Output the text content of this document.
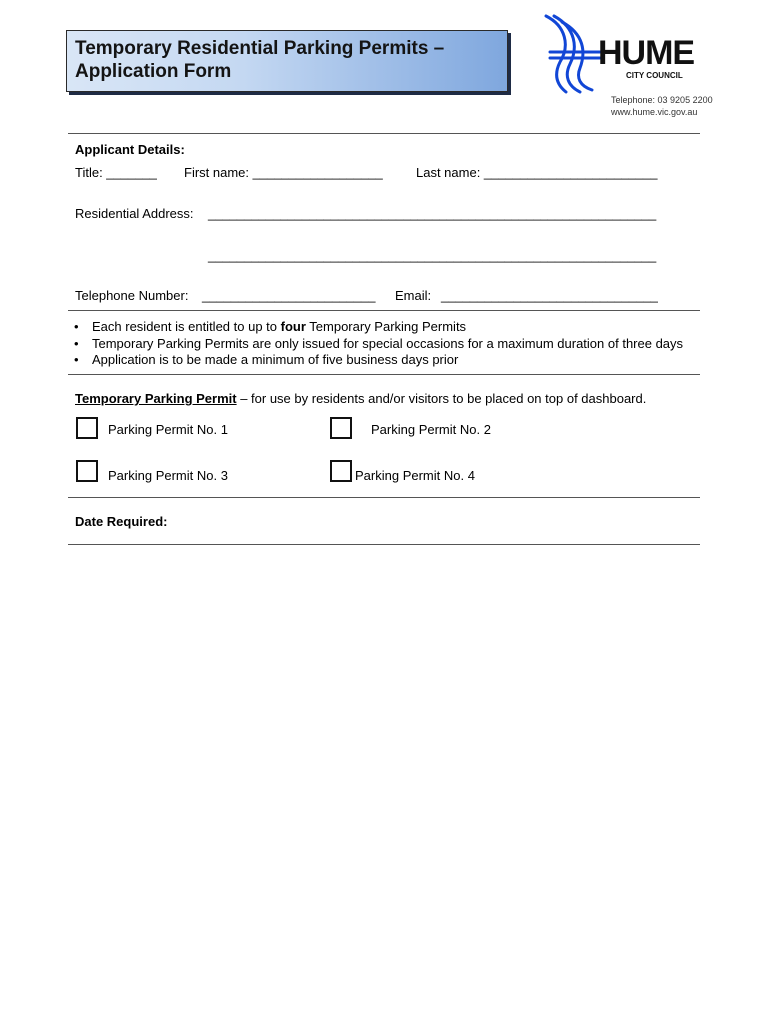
Temporary Residential Parking Permits –
Application Form	HUME
CITY COUNCIL
Telephone: 03 9205 2200
www.hume.vic.gov.au
Applicant Details:
Title: _______ First name: __________________	Last name: ________________________
Residential Address: ______________________________________________________________
______________________________________________________________
Telephone Number: ________________________ Email: ______________________________
• Each resident is entitled to up to four Temporary Parking Permits
• Temporary Parking Permits are only issued for special occasions for a maximum duration of three days
• Application is to be made a minimum of five business days prior
Temporary Parking Permit – for use by residents and/or visitors to be placed on top of dashboard.
Parking Permit No. 1	Parking Permit No. 2
Parking Permit No. 3	Parking Permit No. 4
Date Required:
